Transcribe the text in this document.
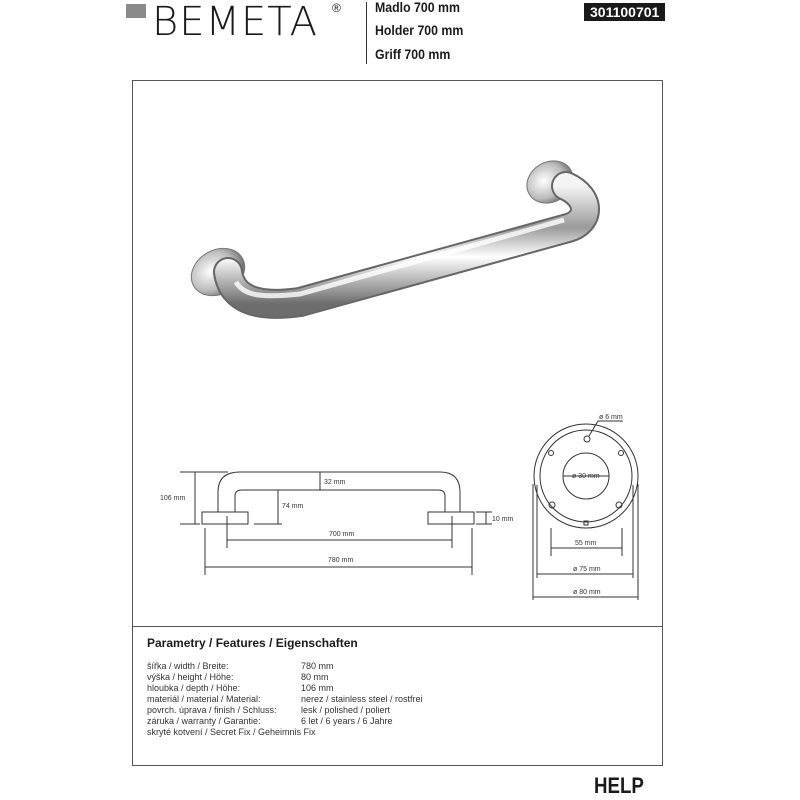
BEMETA ® Madlo 700 mm
Holder 700 mm
Griff 700 mm
301100701
106 mm
32 mm
74 mm
10 mm
700 mm
780 mm
ø 6 mm
ø 30 mm
55 mm
ø 75 mm
ø 80 mm
Parametry / Features / Eigenschaften
šířka / width / Breite:	780 mm
výška / height / Höhe:	80 mm
hloubka / depth / Höhe:	106 mm
materiál / material / Material:	nerez / stainless steel / rostfrei
povrch. úprava / finish / Schluss:	lesk / polished / poliert
záruka / warranty / Garantie:	6 let / 6 years / 6 Jahre
skryté kotvení / Secret Fix / Geheimnis Fix
HELP
